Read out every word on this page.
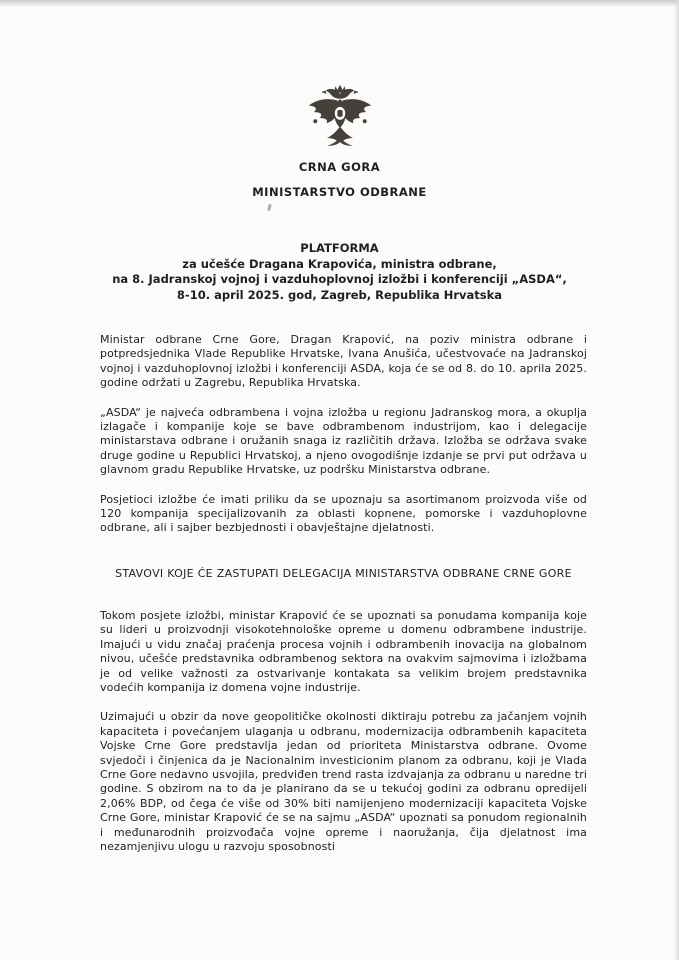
CRNA GORA
MINISTARSTVO ODBRANE
PLATFORMA
za učešće Dragana Krapovića, ministra odbrane,
na 8. Jadranskoj vojnoj i vazduhoplovnoj izložbi i konferenciji „ASDA“,
8-10. april 2025. god, Zagreb, Republika Hrvatska

Ministar odbrane Crne Gore, Dragan Krapović, na poziv ministra odbrane i potpredsjednika Vlade Republike Hrvatske, Ivana Anušića, učestvovaće na Jadranskoj vojnoj i vazduhoplovnoj izložbi i konferenciji ASDA, koja će se od 8. do 10. aprila 2025. godine održati u Zagrebu, Republika Hrvatska.

„ASDA“ je najveća odbrambena i vojna izložba u regionu Jadranskog mora, a okuplja izlagače i kompanije koje se bave odbrambenom industrijom, kao i delegacije ministarstava odbrane i oružanih snaga iz različitih država. Izložba se održava svake druge godine u Republici Hrvatskoj, a njeno ovogodišnje izdanje se prvi put održava u glavnom gradu Republike Hrvatske, uz podršku Ministarstva odbrane.

Posjetioci izložbe će imati priliku da se upoznaju sa asortimanom proizvoda više od 120 kompanija specijalizovanih za oblasti kopnene, pomorske i vazduhoplovne odbrane, ali i sajber bezbjednosti i obavještajne djelatnosti.

STAVOVI KOJE ĆE ZASTUPATI DELEGACIJA MINISTARSTVA ODBRANE CRNE GORE

Tokom posjete izložbi, ministar Krapović će se upoznati sa ponudama kompanija koje su lideri u proizvodnji visokotehnološke opreme u domenu odbrambene industrije. Imajući u vidu značaj praćenja procesa vojnih i odbrambenih inovacija na globalnom nivou, učešće predstavnika odbrambenog sektora na ovakvim sajmovima i izložbama je od velike važnosti za ostvarivanje kontakata sa velikim brojem predstavnika vodećih kompanija iz domena vojne industrije.

Uzimajući u obzir da nove geopolitičke okolnosti diktiraju potrebu za jačanjem vojnih kapaciteta i povećanjem ulaganja u odbranu, modernizacija odbrambenih kapaciteta Vojske Crne Gore predstavlja jedan od prioriteta Ministarstva odbrane. Ovome svjedoči i činjenica da je Nacionalnim investicionim planom za odbranu, koji je Vlada Crne Gore nedavno usvojila, predviđen trend rasta izdvajanja za odbranu u naredne tri godine. S obzirom na to da je planirano da se u tekućoj godini za odbranu opredijeli 2,06% BDP, od čega će više od 30% biti namijenjeno modernizaciji kapaciteta Vojske Crne Gore, ministar Krapović će se na sajmu „ASDA“ upoznati sa ponudom regionalnih i međunarodnih proizvođača vojne opreme i naoružanja, čija djelatnost ima nezamjenjivu ulogu u razvoju sposobnosti
